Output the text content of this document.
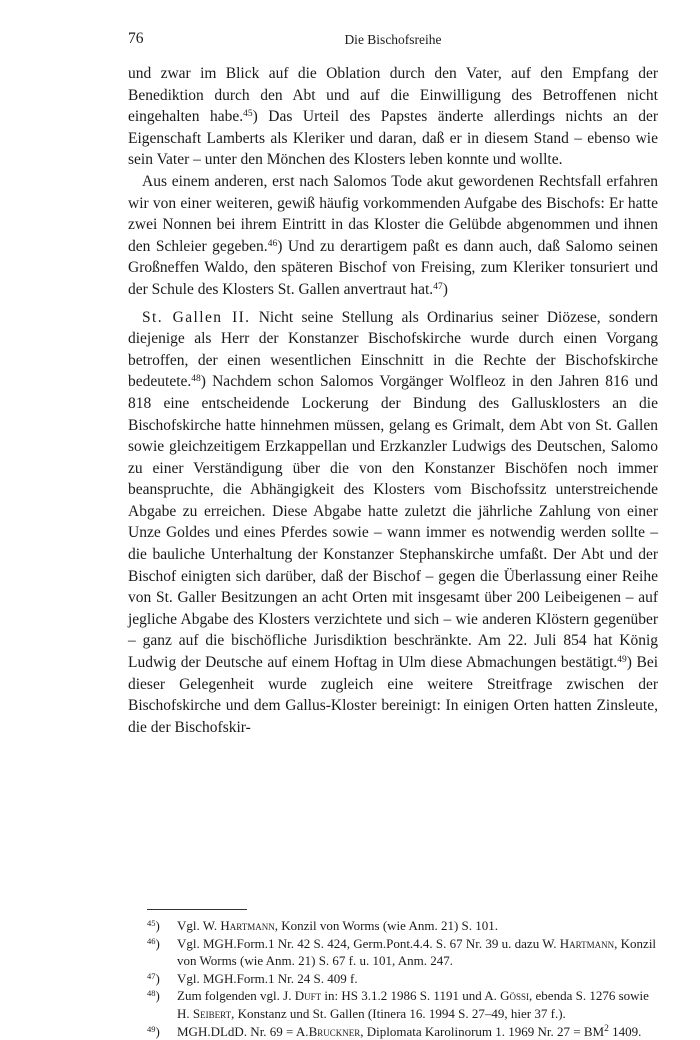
76	Die Bischofsreihe

und zwar im Blick auf die Oblation durch den Vater, auf den Empfang der Benediktion durch den Abt und auf die Einwilligung des Betroffenen nicht eingehalten habe.$^{45}$) Das Urteil des Papstes änderte allerdings nichts an der Eigenschaft Lamberts als Kleriker und daran, daß er in diesem Stand – ebenso wie sein Vater – unter den Mönchen des Klosters leben konnte und wollte.

Aus einem anderen, erst nach Salomos Tode akut gewordenen Rechtsfall erfahren wir von einer weiteren, gewiß häufig vorkommenden Aufgabe des Bischofs: Er hatte zwei Nonnen bei ihrem Eintritt in das Kloster die Gelübde abgenommen und ihnen den Schleier gegeben.$^{46}$) Und zu derartigem paßt es dann auch, daß Salomo seinen Großneffen Waldo, den späteren Bischof von Freising, zum Kleriker tonsuriert und der Schule des Klosters St. Gallen anvertraut hat.$^{47}$)

St. Gallen II. Nicht seine Stellung als Ordinarius seiner Diözese, sondern diejenige als Herr der Konstanzer Bischofskirche wurde durch einen Vorgang betroffen, der einen wesentlichen Einschnitt in die Rechte der Bischofskirche bedeutete.$^{48}$) Nachdem schon Salomos Vorgänger Wolfleoz in den Jahren 816 und 818 eine entscheidende Lockerung der Bindung des Gallusklosters an die Bischofskirche hatte hinnehmen müssen, gelang es Grimalt, dem Abt von St. Gallen sowie gleichzeitigem Erzkappellan und Erzkanzler Ludwigs des Deutschen, Salomo zu einer Verständigung über die von den Konstanzer Bischöfen noch immer beanspruchte, die Abhängigkeit des Klosters vom Bischofssitz unterstreichende Abgabe zu erreichen. Diese Abgabe hatte zuletzt die jährliche Zahlung von einer Unze Goldes und eines Pferdes sowie – wann immer es notwendig werden sollte – die bauliche Unterhaltung der Konstanzer Stephanskirche umfaßt. Der Abt und der Bischof einigten sich darüber, daß der Bischof – gegen die Überlassung einer Reihe von St. Galler Besitzungen an acht Orten mit insgesamt über 200 Leibeigenen – auf jegliche Abgabe des Klosters verzichtete und sich – wie anderen Klöstern gegenüber – ganz auf die bischöfliche Jurisdiktion beschränkte. Am 22. Juli 854 hat König Ludwig der Deutsche auf einem Hoftag in Ulm diese Abmachungen bestätigt.$^{49}$) Bei dieser Gelegenheit wurde zugleich eine weitere Streitfrage zwischen der Bischofskirche und dem Gallus-Kloster bereinigt: In einigen Orten hatten Zinsleute, die der Bischofskir-

$^{45}$)	Vgl. W. Hartmann, Konzil von Worms (wie Anm. 21) S. 101.
$^{46}$)	Vgl. MGH.Form.1 Nr. 42 S. 424, Germ.Pont.4.4. S. 67 Nr. 39 u. dazu W. Hartmann, Konzil von Worms (wie Anm. 21) S. 67 f. u. 101, Anm. 247.
$^{47}$)	Vgl. MGH.Form.1 Nr. 24 S. 409 f.
$^{48}$)	Zum folgenden vgl. J. Duft in: HS 3.1.2 1986 S. 1191 und A. Gössi, ebenda S. 1276 sowie H. Seibert, Konstanz und St. Gallen (Itinera 16. 1994 S. 27–49, hier 37 f.).
$^{49}$)	MGH.DLdD. Nr. 69 = A.Bruckner, Diplomata Karolinorum 1. 1969 Nr. $27 = BM^2$ 1409.
